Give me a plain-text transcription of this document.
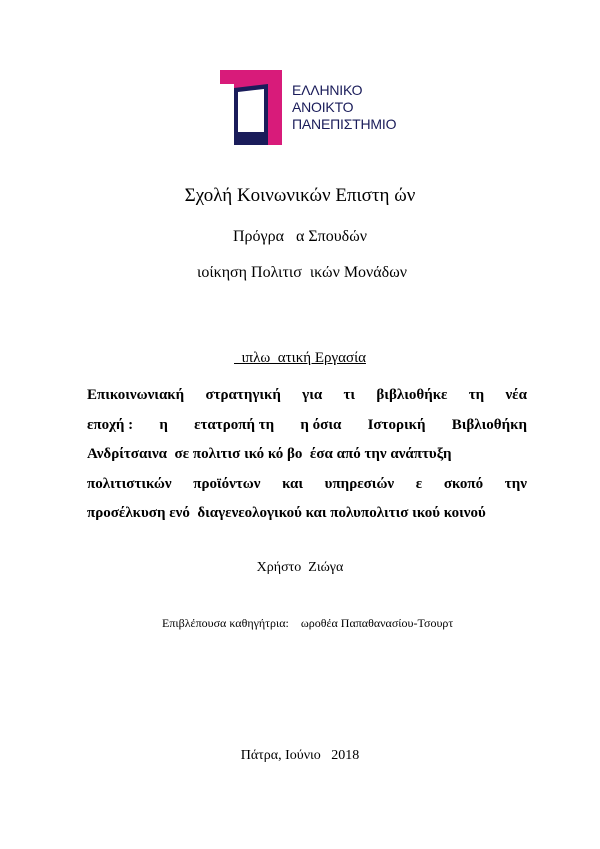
ΕΛΛΗΝΙΚΟ
ΑΝΟΙΚΤΟ
ΠΑΝΕΠΙΣΤΗΜΙΟ
Σχολή Κοινωνικών Επιστη ών
Πρόγρα   α Σπουδών
ιοίκηση Πολιτισ  ικών Μονάδων
ιπλω  ατική Εργασία
Επικοινωνιακή στρατηγική για τι βιβλιοθήκε τη νέα
εποχή : η ετατροπή τη η όσια Ιστορική Βιβλιοθήκη
Ανδρίτσαινα  σε πολιτισ ικό κό βο  έσα από την ανάπτυξη
πολιτιστικών προϊόντων και υπηρεσιών ε σκοπό την
προσέλκυση ενό  διαγενεολογικού και πολυπολιτισ ικού κοινού
Χρήστο  Ζιώγα
Επιβλέπουσα καθηγήτρια:    ωροθέα Παπαθανασίου-Τσουρτ
Πάτρα, Ιούνιο   2018
